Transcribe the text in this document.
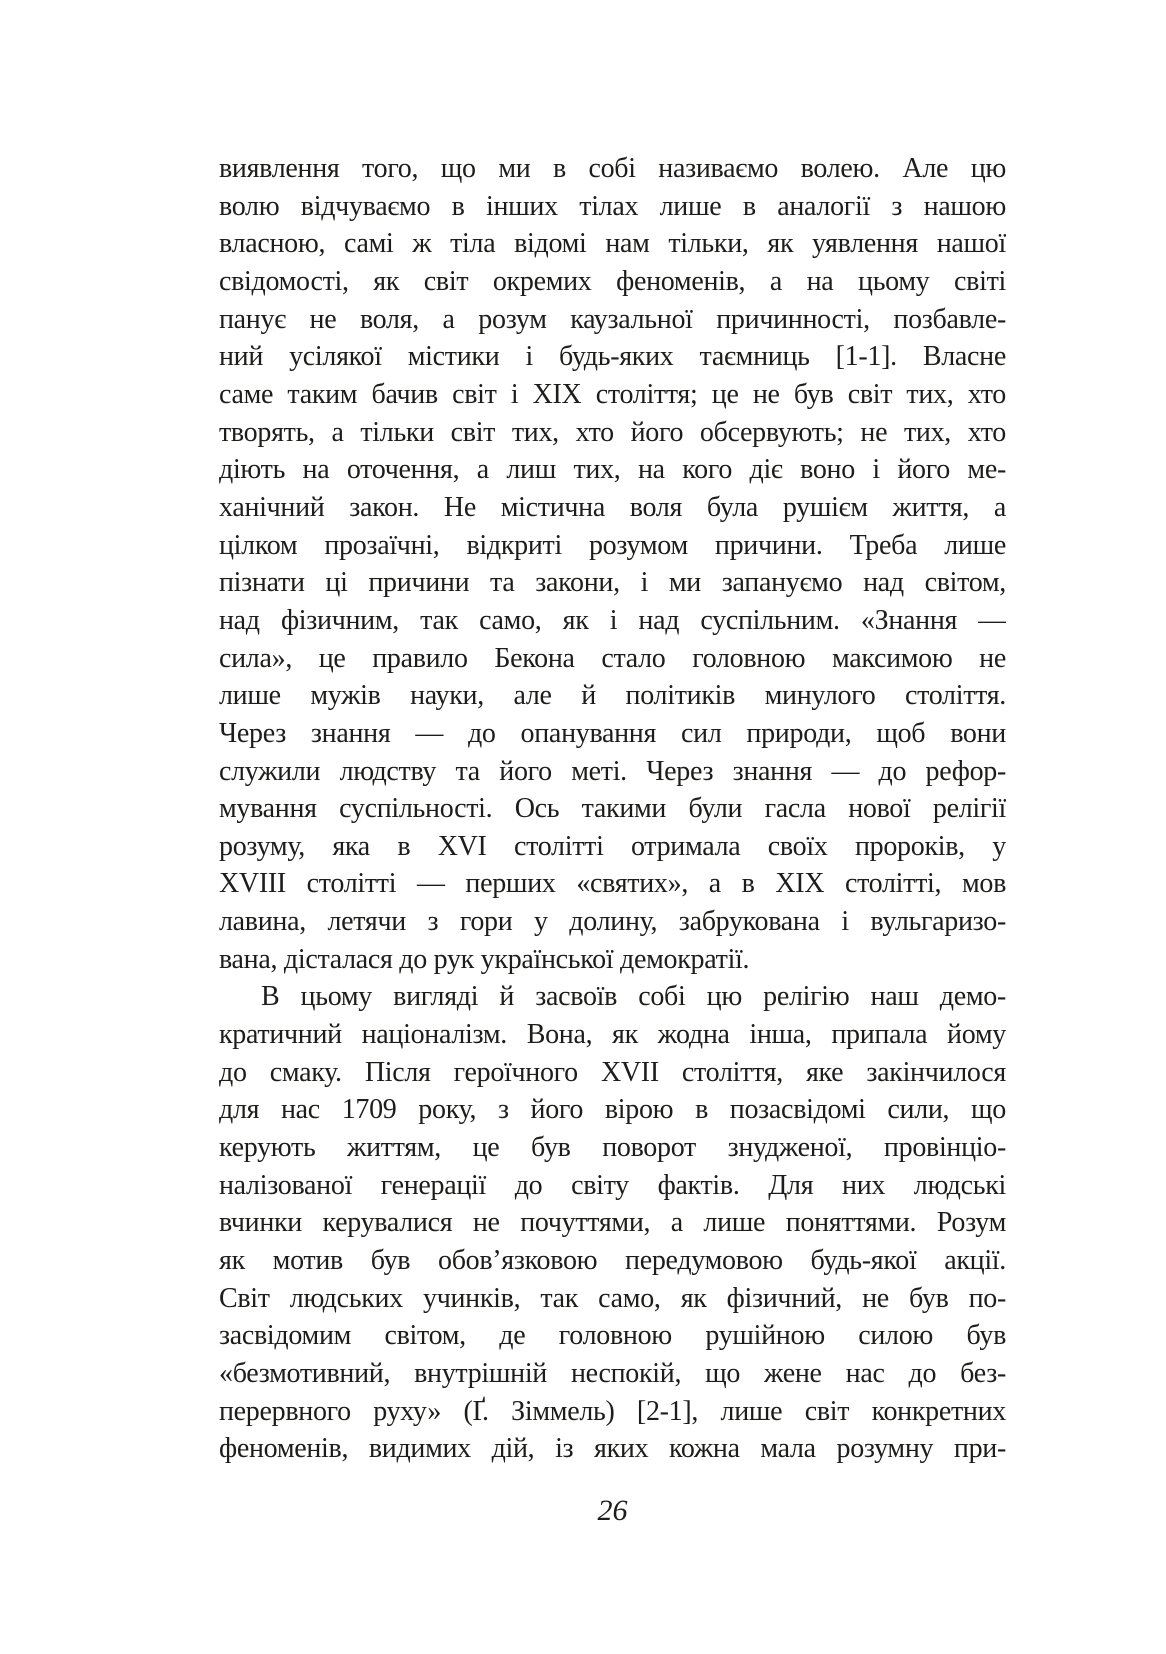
виявлення того, що ми в собі називаємо волею. Але цю
волю відчуваємо в інших тілах лише в аналогії з нашою
власною, самі ж тіла відомі нам тільки, як уявлення нашої
свідомості, як світ окремих феноменів, а на цьому світі
панує не воля, а розум каузальної причинності, позбавле-
ний усілякої містики і будь-яких таємниць [1-1]. Власне
саме таким бачив світ і XIX століття; це не був світ тих, хто
творять, а тільки світ тих, хто його обсервують; не тих, хто
діють на оточення, а лиш тих, на кого діє воно і його ме-
ханічний закон. Не містична воля була рушієм життя, а
цілком прозаїчні, відкриті розумом причини. Треба лише
пізнати ці причини та закони, і ми запануємо над світом,
над фізичним, так само, як і над суспільним. «Знання —
сила», це правило Бекона стало головною максимою не
лише мужів науки, але й політиків минулого століття.
Через знання — до опанування сил природи, щоб вони
служили людству та його меті. Через знання — до рефор-
мування суспільності. Ось такими були гасла нової релігії
розуму, яка в XVI столітті отримала своїх пророків, у
XVIII столітті — перших «святих», а в XIX столітті, мов
лавина, летячи з гори у долину, забрукована і вульгаризо-
вана, дісталася до рук української демократії.
В цьому вигляді й засвоїв собі цю релігію наш демо-
кратичний націоналізм. Вона, як жодна інша, припала йому
до смаку. Після героїчного XVII століття, яке закінчилося
для нас 1709 року, з його вірою в позасвідомі сили, що
керують життям, це був поворот знудженої, провінціо-
налізованої генерації до світу фактів. Для них людські
вчинки керувалися не почуттями, а лише поняттями. Розум
як мотив був обов’язковою передумовою будь-якої акції.
Світ людських учинків, так само, як фізичний, не був по-
засвідомим світом, де головною рушійною силою був
«безмотивний, внутрішній неспокій, що жене нас до без-
перервного руху» (Ґ. Зіммель) [2-1], лише світ конкретних
феноменів, видимих дій, із яких кожна мала розумну при-
26
